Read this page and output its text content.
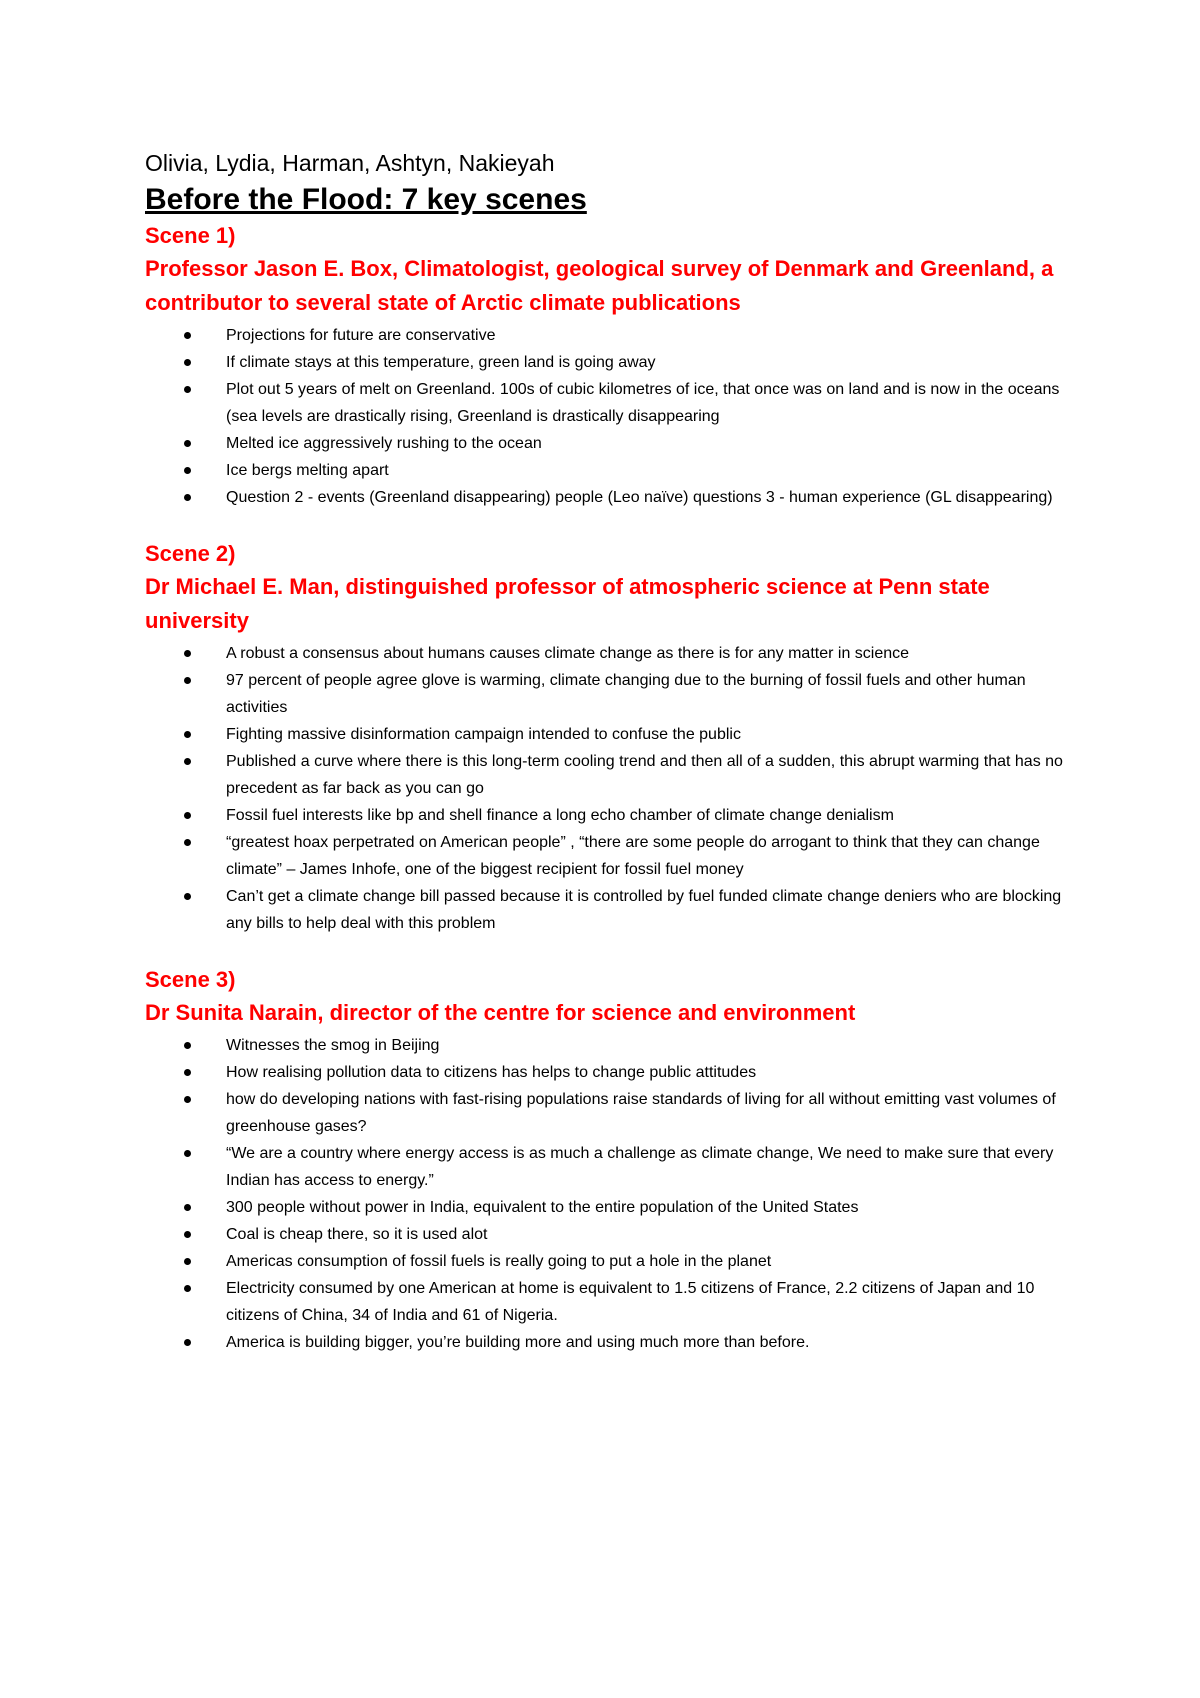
Olivia, Lydia, Harman, Ashtyn, Nakieyah

Before the Flood: 7 key scenes
Scene 1)
Professor Jason E. Box, Climatologist, geological survey of Denmark and Greenland, a contributor to several state of Arctic climate publications
Projections for future are conservative
If climate stays at this temperature, green land is going away
Plot out 5 years of melt on Greenland. 100s of cubic kilometres of ice, that once was on land and is now in the oceans (sea levels are drastically rising, Greenland is drastically disappearing
Melted ice aggressively rushing to the ocean
Ice bergs melting apart
Question 2 - events (Greenland disappearing) people (Leo naïve) questions 3 - human experience (GL disappearing)
Scene 2)
Dr Michael E. Man, distinguished professor of atmospheric science at Penn state university
A robust a consensus about humans causes climate change as there is for any matter in science
97 percent of people agree glove is warming, climate changing due to the burning of fossil fuels and other human activities
Fighting massive disinformation campaign intended to confuse the public
Published a curve where there is this long-term cooling trend and then all of a sudden, this abrupt warming that has no precedent as far back as you can go
Fossil fuel interests like bp and shell finance a long echo chamber of climate change denialism
“greatest hoax perpetrated on American people” , “there are some people do arrogant to think that they can change climate” – James Inhofe, one of the biggest recipient for fossil fuel money
Can’t get a climate change bill passed because it is controlled by fuel funded climate change deniers who are blocking any bills to help deal with this problem
Scene 3)
Dr Sunita Narain, director of the centre for science and environment
Witnesses the smog in Beijing
How realising pollution data to citizens has helps to change public attitudes
how do developing nations with fast-rising populations raise standards of living for all without emitting vast volumes of greenhouse gases?
“We are a country where energy access is as much a challenge as climate change, We need to make sure that every Indian has access to energy.”
300 people without power in India, equivalent to the entire population of the United States
Coal is cheap there, so it is used alot
Americas consumption of fossil fuels is really going to put a hole in the planet
Electricity consumed by one American at home is equivalent to 1.5 citizens of France, 2.2 citizens of Japan and 10 citizens of China, 34 of India and 61 of Nigeria.
America is building bigger, you’re building more and using much more than before.
